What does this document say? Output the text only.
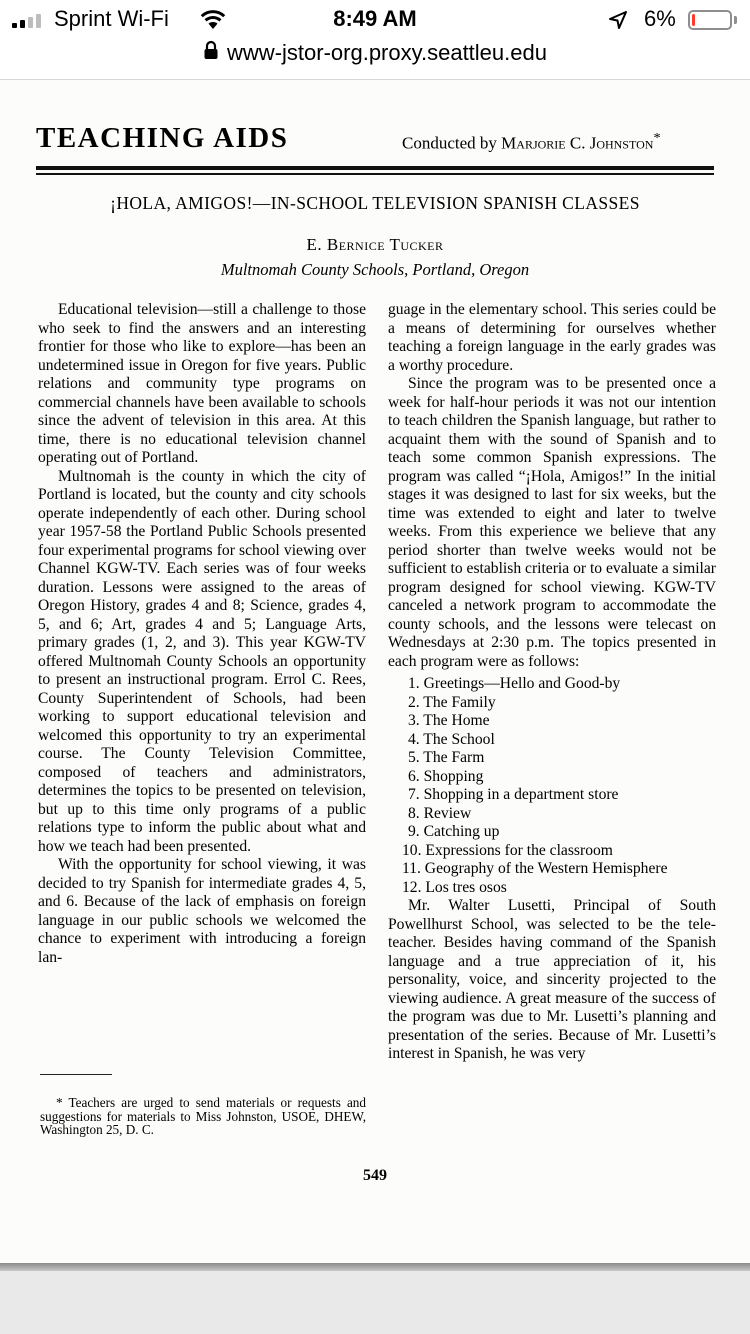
Sprint Wi-Fi	8:49 AM	6%
www-jstor-org.proxy.seattleu.edu
TEACHING AIDS	Conducted by Marjorie C. Johnston*
¡HOLA, AMIGOS!—IN-SCHOOL TELEVISION SPANISH CLASSES
E. Bernice Tucker
Multnomah County Schools, Portland, Oregon

Educational television—still a challenge to those who seek to find the answers and an interesting frontier for those who like to explore—has been an undetermined issue in Oregon for five years. Public relations and community type programs on commercial channels have been available to schools since the advent of television in this area. At this time, there is no educational television channel operating out of Portland.

Multnomah is the county in which the city of Portland is located, but the county and city schools operate independently of each other. During school year 1957-58 the Portland Public Schools presented four experimental programs for school viewing over Channel KGW-TV. Each series was of four weeks duration. Lessons were assigned to the areas of Oregon History, grades 4 and 8; Science, grades 4, 5, and 6; Art, grades 4 and 5; Language Arts, primary grades (1, 2, and 3). This year KGW-TV offered Multnomah County Schools an opportunity to present an instructional program. Errol C. Rees, County Superintendent of Schools, had been working to support educational television and welcomed this opportunity to try an experimental course. The County Television Committee, composed of teachers and administrators, determines the topics to be presented on television, but up to this time only programs of a public relations type to inform the public about what and how we teach had been presented.

With the opportunity for school viewing, it was decided to try Spanish for intermediate grades 4, 5, and 6. Because of the lack of emphasis on foreign language in our public schools we welcomed the chance to experiment with introducing a foreign lan-

guage in the elementary school. This series could be a means of determining for ourselves whether teaching a foreign language in the early grades was a worthy procedure.

Since the program was to be presented once a week for half-hour periods it was not our intention to teach children the Spanish language, but rather to acquaint them with the sound of Spanish and to teach some common Spanish expressions. The program was called “¡Hola, Amigos!” In the initial stages it was designed to last for six weeks, but the time was extended to eight and later to twelve weeks. From this experience we believe that any period shorter than twelve weeks would not be sufficient to establish criteria or to evaluate a similar program designed for school viewing. KGW-TV canceled a network program to accommodate the county schools, and the lessons were telecast on Wednesdays at 2:30 p.m. The topics presented in each program were as follows:

1. Greetings—Hello and Good-by
2. The Family
3. The Home
4. The School
5. The Farm
6. Shopping
7. Shopping in a department store
8. Review
9. Catching up
10. Expressions for the classroom
11. Geography of the Western Hemisphere
12. Los tres osos

Mr. Walter Lusetti, Principal of South Powellhurst School, was selected to be the tele-teacher. Besides having command of the Spanish language and a true appreciation of it, his personality, voice, and sincerity projected to the viewing audience. A great measure of the success of the program was due to Mr. Lusetti’s planning and presentation of the series. Because of Mr. Lusetti’s interest in Spanish, he was very

* Teachers are urged to send materials or requests and suggestions for materials to Miss Johnston, USOE, DHEW, Washington 25, D. C.
549
